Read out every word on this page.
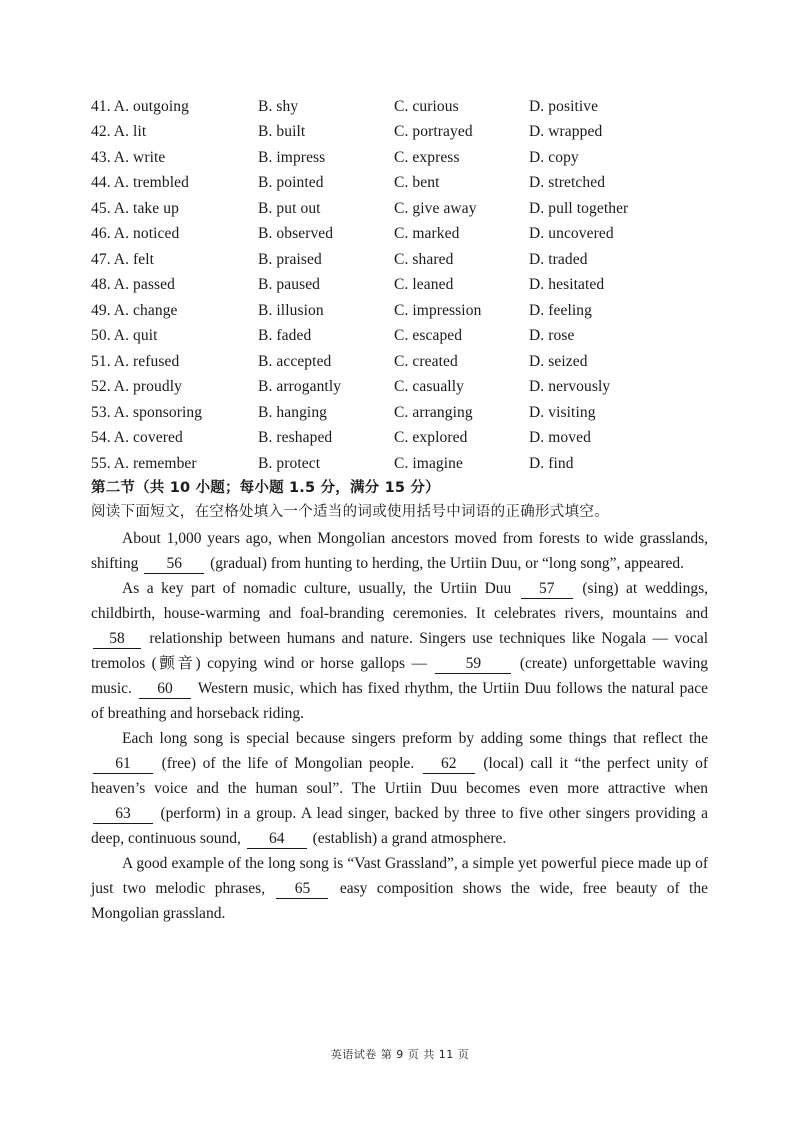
41. A. outgoing	B. shy	C. curious	D. positive
42. A. lit	B. built	C. portrayed	D. wrapped
43. A. write	B. impress	C. express	D. copy
44. A. trembled	B. pointed	C. bent	D. stretched
45. A. take up	B. put out	C. give away	D. pull together
46. A. noticed	B. observed	C. marked	D. uncovered
47. A. felt	B. praised	C. shared	D. traded
48. A. passed	B. paused	C. leaned	D. hesitated
49. A. change	B. illusion	C. impression	D. feeling
50. A. quit	B. faded	C. escaped	D. rose
51. A. refused	B. accepted	C. created	D. seized
52. A. proudly	B. arrogantly	C. casually	D. nervously
53. A. sponsoring	B. hanging	C. arranging	D. visiting
54. A. covered	B. reshaped	C. explored	D. moved
55. A. remember	B. protect	C. imagine	D. find
第二节（共 10 小题；每小题 1.5 分，满分 15 分）
阅读下面短文，在空格处填入一个适当的词或使用括号中词语的正确形式填空。

About 1,000 years ago, when Mongolian ancestors moved from forests to wide grasslands, shifting 56 (gradual) from hunting to herding, the Urtiin Duu, or “long song”, appeared.

As a key part of nomadic culture, usually, the Urtiin Duu 57 (sing) at weddings, childbirth, house-warming and foal-branding ceremonies. It celebrates rivers, mountains and 58 relationship between humans and nature. Singers use techniques like Nogala — vocal tremolos (颤音) copying wind or horse gallops — 59 (create) unforgettable waving music. 60 Western music, which has fixed rhythm, the Urtiin Duu follows the natural pace of breathing and horseback riding.

Each long song is special because singers preform by adding some things that reflect the 61 (free) of the life of Mongolian people. 62 (local) call it “the perfect unity of heaven’s voice and the human soul”. The Urtiin Duu becomes even more attractive when 63 (perform) in a group. A lead singer, backed by three to five other singers providing a deep, continuous sound, 64 (establish) a grand atmosphere.

A good example of the long song is “Vast Grassland”, a simple yet powerful piece made up of just two melodic phrases, 65 easy composition shows the wide, free beauty of the Mongolian grassland.

英语试卷 第 9 页 共 11 页
